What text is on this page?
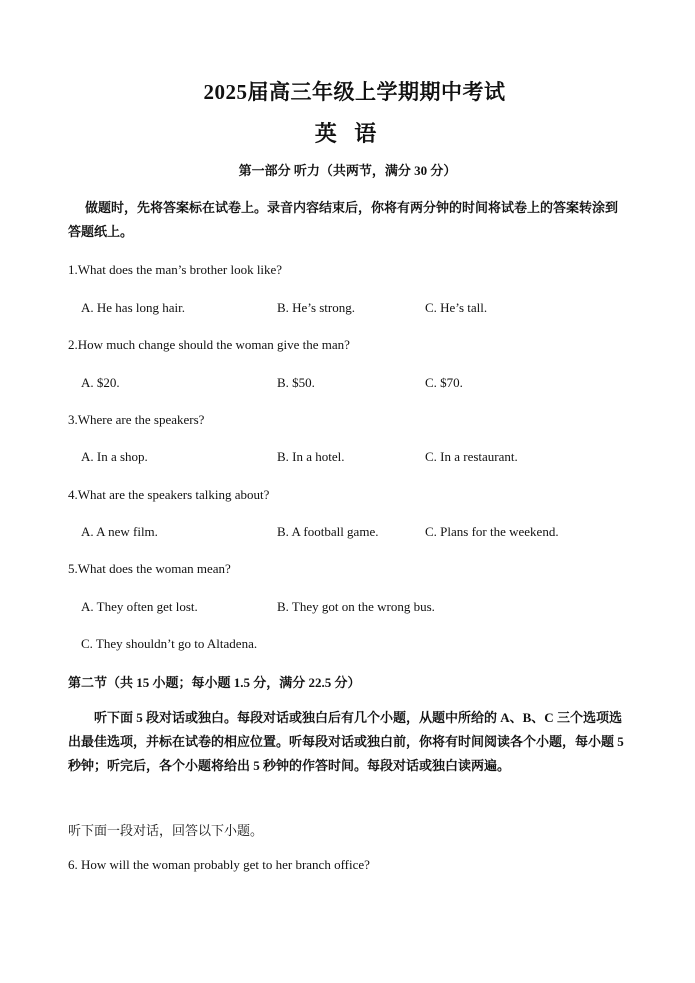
2025届高三年级上学期期中考试
英 语
第一部分 听力（共两节，满分 30 分）
做题时，先将答案标在试卷上。录音内容结束后，你将有两分钟的时间将试卷上的答案转涂到答题纸上。
1.What does the man’s brother look like?
A. He has long hair.	B. He’s strong.	C. He’s tall.
2.How much change should the woman give the man?
A. $20.	B. $50.	C. $70.
3.Where are the speakers?
A. In a shop.	B. In a hotel.	C. In a restaurant.
4.What are the speakers talking about?
A. A new film.	B. A football game.	C. Plans for the weekend.
5.What does the woman mean?
A. They often get lost.	B. They got on the wrong bus.
C. They shouldn’t go to Altadena.
第二节（共 15 小题；每小题 1.5 分，满分 22.5 分）
听下面 5 段对话或独白。每段对话或独白后有几个小题，从题中所给的 A、B、C 三个选项选出最佳选项，并标在试卷的相应位置。听每段对话或独白前，你将有时间阅读各个小题，每小题 5 秒钟；听完后，各个小题将给出 5 秒钟的作答时间。每段对话或独白读两遍。
听下面一段对话，回答以下小题。
6. How will the woman probably get to her branch office?
